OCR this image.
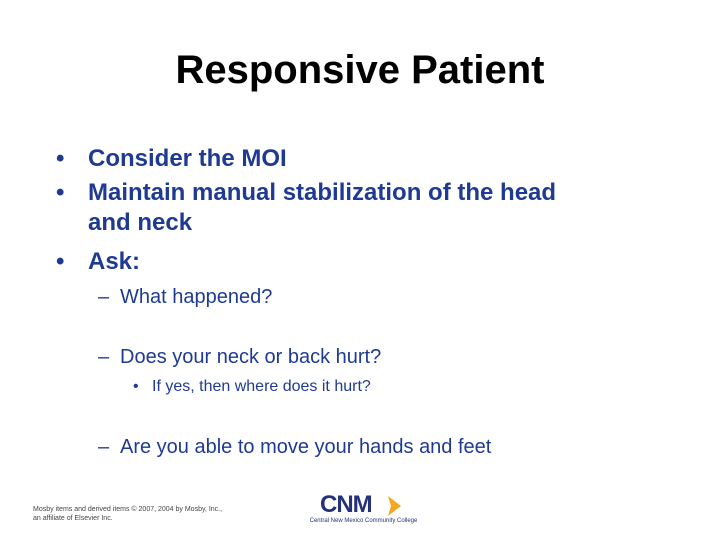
Responsive Patient
• Consider the MOI
• Maintain manual stabilization of the head
and neck
• Ask:
– What happened?
– Does your neck or back hurt?
• If yes, then where does it hurt?
– Are you able to move your hands and feet
Mosby items and derived items © 2007, 2004 by Mosby, Inc.,
an affiliate of Elsevier Inc.
CNM
Central New Mexico Community College
